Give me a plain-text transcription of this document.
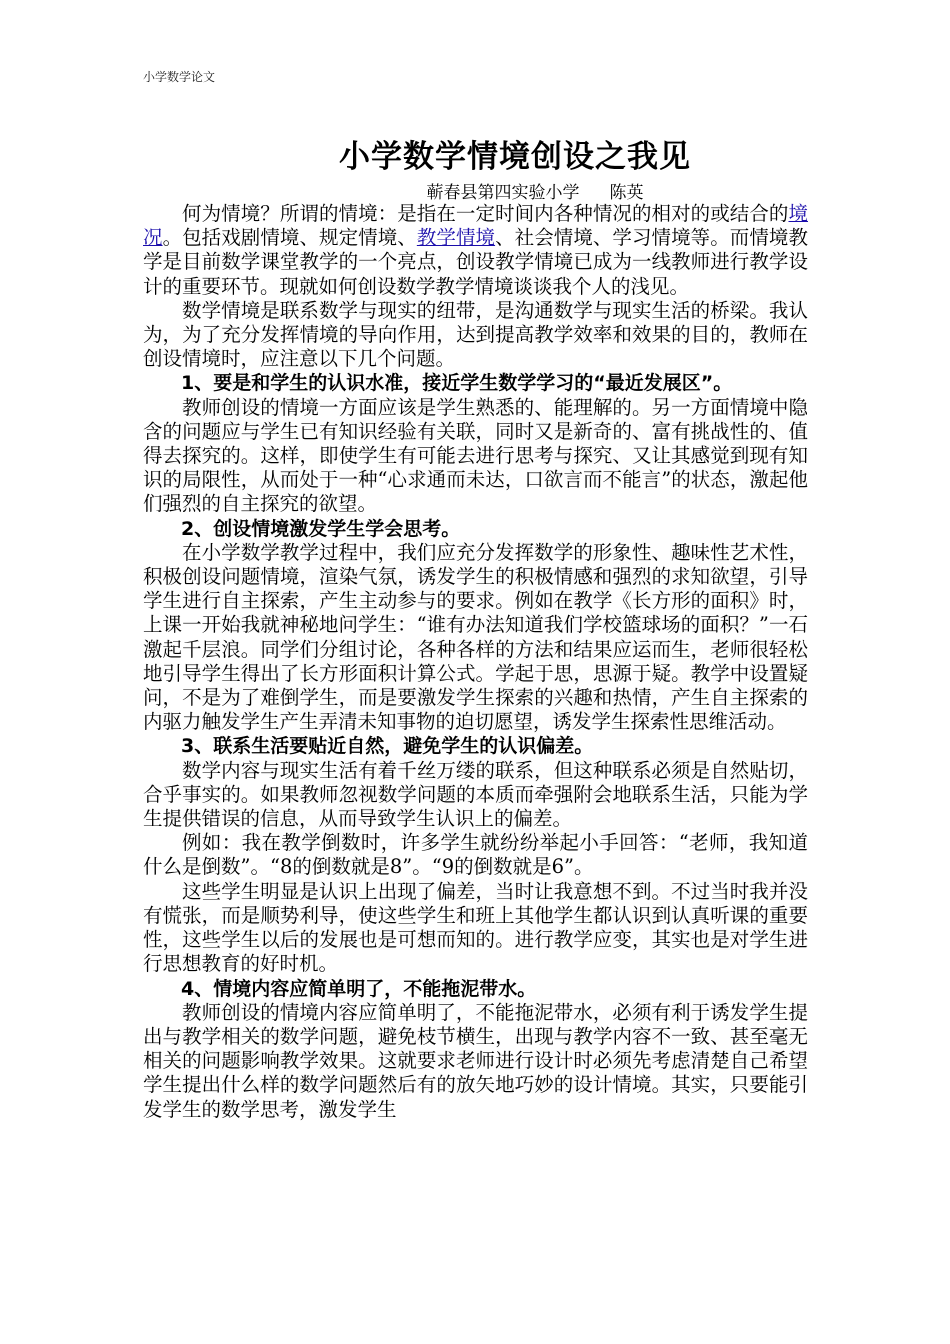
小学数学论文
小学数学情境创设之我见
蕲春县第四实验小学 陈英

何为情境？所谓的情境：是指在一定时间内各种情况的相对的或结合的境况。包括戏剧情境、规定情境、教学情境、社会情境、学习情境等。而情境教学是目前数学课堂教学的一个亮点，创设教学情境已成为一线教师进行教学设计的重要环节。现就如何创设数学教学情境谈谈我个人的浅见。

数学情境是联系数学与现实的纽带，是沟通数学与现实生活的桥梁。我认为，为了充分发挥情境的导向作用，达到提高教学效率和效果的目的，教师在创设情境时，应注意以下几个问题。

1、要是和学生的认识水准，接近学生数学学习的“最近发展区”。

教师创设的情境一方面应该是学生熟悉的、能理解的。另一方面情境中隐含的问题应与学生已有知识经验有关联，同时又是新奇的、富有挑战性的、值得去探究的。这样，即使学生有可能去进行思考与探究、又让其感觉到现有知识的局限性，从而处于一种“心求通而未达，口欲言而不能言”的状态，激起他们强烈的自主探究的欲望。

2、创设情境激发学生学会思考。

在小学数学教学过程中，我们应充分发挥数学的形象性、趣味性艺术性，积极创设问题情境，渲染气氛，诱发学生的积极情感和强烈的求知欲望，引导学生进行自主探索，产生主动参与的要求。例如在教学《长方形的面积》时，上课一开始我就神秘地问学生：“谁有办法知道我们学校篮球场的面积？”一石激起千层浪。同学们分组讨论，各种各样的方法和结果应运而生，老师很轻松地引导学生得出了长方形面积计算公式。学起于思，思源于疑。教学中设置疑问，不是为了难倒学生，而是要激发学生探索的兴趣和热情，产生自主探索的内驱力触发学生产生弄清未知事物的迫切愿望，诱发学生探索性思维活动。

3、联系生活要贴近自然，避免学生的认识偏差。

数学内容与现实生活有着千丝万缕的联系，但这种联系必须是自然贴切，合乎事实的。如果教师忽视数学问题的本质而牵强附会地联系生活，只能为学生提供错误的信息，从而导致学生认识上的偏差。

例如：我在教学倒数时，许多学生就纷纷举起小手回答：“老师，我知道什么是倒数”。“8的倒数就是8”。“9的倒数就是6”。

这些学生明显是认识上出现了偏差，当时让我意想不到。不过当时我并没有慌张，而是顺势利导，使这些学生和班上其他学生都认识到认真听课的重要性，这些学生以后的发展也是可想而知的。进行教学应变，其实也是对学生进行思想教育的好时机。

4、情境内容应简单明了，不能拖泥带水。

教师创设的情境内容应简单明了，不能拖泥带水，必须有利于诱发学生提出与教学相关的数学问题，避免枝节横生，出现与教学内容不一致、甚至毫无相关的问题影响教学效果。这就要求老师进行设计时必须先考虑清楚自己希望学生提出什么样的数学问题然后有的放矢地巧妙的设计情境。其实，只要能引发学生的数学思考，激发学生
